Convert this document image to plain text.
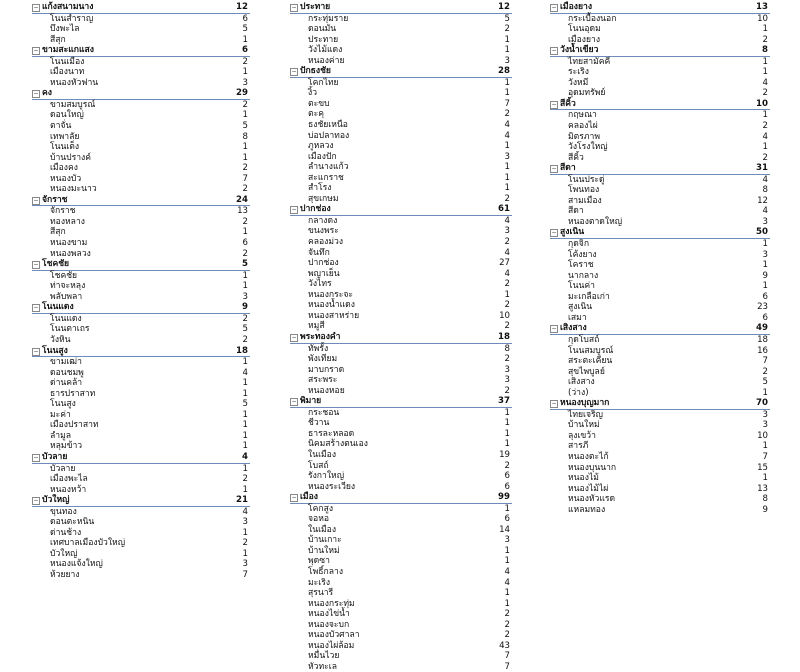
− แก้งสนามนาง	12
โนนสำราญ	6
บึงพะไล	5
สีสุก	1
− ขามสะแกแสง	6
โนนเมือง	2
เมืองนาท	1
หนองหัวฟาน	3
− คง	29
ขามสมบูรณ์	2
ดอนใหญ่	1
ตาจั่น	5
เทพาลัย	8
โนนเต็ง	1
บ้านปรางค์	1
เมืองคง	2
หนองบัว	7
หนองมะนาว	2
− จักราช	24
จักราช	13
ทองหลาง	2
สีสุก	1
หนองขาม	6
หนองพลวง	2
− โชคชัย	5
โชคชัย	1
ท่าจะหลุง	1
พลับพลา	3
− โนนแดง	9
โนนแดง	2
โนนตาเถร	5
วังหิน	2
− โนนสูง	18
ขามเฒ่า	1
ดอนชมพู	4
ด่านคล้า	1
ธารปราสาท	1
โนนสูง	5
มะค่า	1
เมืองปราสาท	1
ลำมูล	1
หลุมข้าว	1
− บัวลาย	4
บัวลาย	1
เมืองพะไล	2
หนองหว้า	1
− บัวใหญ่	21
ขุนทอง	4
ดอนตะหนิน	3
ด่านช้าง	1
เทศบาลเมืองบัวใหญ่	2
บัวใหญ่	1
หนองแจ้งใหญ่	3
ห้วยยาง	7
− ประทาย	12
กระทุ่มราย	5
ดอนมัน	2
ประทาย	1
วังไม้แดง	1
หนองค่าย	3
− ปักธงชัย	28
โคกไทย	1
งิ้ว	1
ตะขบ	7
ตะคุ	2
ธงชัยเหนือ	4
บ่อปลาทอง	4
ภูหลวง	1
เมืองปัก	3
ลำนางแก้ว	1
สะแกราช	1
สำโรง	1
สุขเกษม	2
− ปากช่อง	61
กลางดง	4
ขนงพระ	3
คลองม่วง	2
จันทึก	4
ปากช่อง	27
พญาเย็น	4
วังไทร	2
หนองกระจะ	1
หนองน้ำแดง	2
หนองสาหร่าย	10
หมูสี	2
− พระทองคำ	18
ทัพรั้ง	8
พังเทียม	2
มาบกราด	3
สระพระ	3
หนองหอย	2
− พิมาย	37
กระชอน	1
ชีวาน	1
ธารละหลอด	1
นิคมสร้างตนเอง	1
ในเมือง	19
โบสถ์	2
รังกาใหญ่	6
หนองระเวียง	6
− เมือง	99
โคกสูง	1
จอหอ	6
ในเมือง	14
บ้านเกาะ	3
บ้านใหม่	1
พุดซา	1
โพธิ์กลาง	4
มะเริง	4
สุรนารี	1
หนองกระทุ่ม	1
หนองไข่น้ำ	2
หนองจะบก	2
หนองบัวศาลา	2
หนองไผ่ล้อม	43
หมื่นไวย	7
หัวทะเล	7
− เมืองยาง	13
กระเบื้องนอก	10
โนนอุดม	1
เมืองยาง	2
− วังน้ำเขียว	8
ไทยสามัคคี	1
ระเริง	1
วังหมี	4
อุดมทรัพย์	2
− สีคิ้ว	10
กฤษณา	1
คลองไผ่	2
มิตรภาพ	4
วังโรงใหญ่	1
สีคิ้ว	2
− สีดา	31
โนนประดู่	4
โพนทอง	8
สามเมือง	12
สีดา	4
หนองตาดใหญ่	3
− สูงเนิน	50
กุดจิก	1
โค้งยาง	3
โคราช	1
นากลาง	9
โนนค่า	1
มะเกลือเก่า	6
สูงเนิน	23
เสมา	6
− เสิงสาง	49
กุดโบสถ์	18
โนนสมบูรณ์	16
สระตะเคียน	7
สุขไพบูลย์	2
เสิงสาง	5
(ว่าง)	1
− หนองบุญมาก	70
ไทยเจริญ	3
บ้านใหม่	3
ลุงเขว้า	10
สารภี	1
หนองตะไก้	7
หนองบุนนาก	15
หนองไม้	1
หนองไม้ไผ่	13
หนองหัวแรด	8
แหลมทอง	9
